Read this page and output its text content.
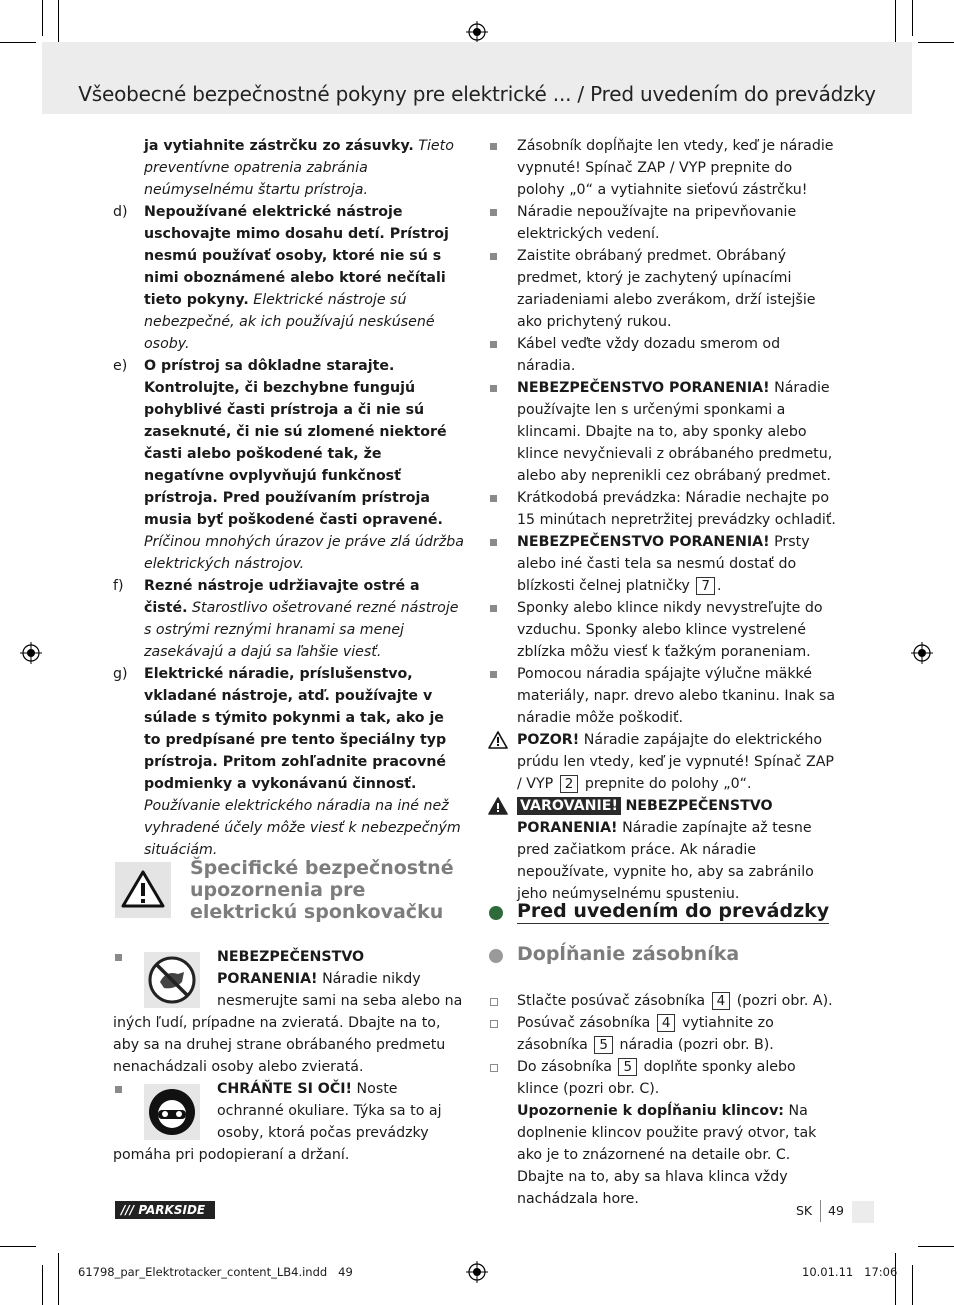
Všeobecné bezpečnostné pokyny pre elektrické ... / Pred uvedením do prevádzky

ja vytiahnite zástrčku zo zásuvky. Tieto preventívne opatrenia zabránia neúmyselnému štartu prístroja.

d) Nepoužívané elektrické nástroje uschovajte mimo dosahu detí. Prístroj nesmú používať osoby, ktoré nie sú s nimi oboznámené alebo ktoré nečítali tieto pokyny. Elektrické nástroje sú nebezpečné, ak ich používajú neskúsené osoby.
e) O prístroj sa dôkladne starajte. Kontrolujte, či bezchybne fungujú pohyblivé časti prístroja a či nie sú zaseknuté, či nie sú zlomené niektoré časti alebo poškodené tak, že negatívne ovplyvňujú funkčnosť prístroja. Pred používaním prístroja musia byť poškodené časti opravené. Príčinou mnohých úrazov je práve zlá údržba elektrických nástrojov.
f) Rezné nástroje udržiavajte ostré a čisté. Starostlivo ošetrované rezné nástroje s ostrými reznými hranami sa menej zasekávajú a dajú sa ľahšie viesť.
g) Elektrické náradie, príslušenstvo, vkladané nástroje, atď. používajte v súlade s týmito pokynmi a tak, ako je to predpísané pre tento špeciálny typ prístroja. Pritom zohľadnite pracovné podmienky a vykonávanú činnosť. Používanie elektrického náradia na iné než vyhradené účely môže viesť k nebezpečným situáciám.
Špecifické bezpečnostné upozornenia pre elektrickú sponkovačku

NEBEZPEČENSTVO PORANENIA! Náradie nikdy nesmerujte sami na seba alebo na iných ľudí, prípadne na zvieratá. Dbajte na to, aby sa na druhej strane obrábaného predmetu nenachádzali osoby alebo zvieratá.

CHRÁŇTE SI OČI! Noste ochranné okuliare. Týka sa to aj osoby, ktorá počas prevádzky pomáha pri podopieraní a držaní.

Zásobník dopĺňajte len vtedy, keď je náradie vypnuté! Spínač ZAP / VYP prepnite do polohy „0“ a vytiahnite sieťovú zástrčku!
Náradie nepoužívajte na pripevňovanie elektrických vedení.
Zaistite obrábaný predmet. Obrábaný predmet, ktorý je zachytený upínacími zariadeniami alebo zverákom, drží istejšie ako prichytený rukou.
Kábel veďte vždy dozadu smerom od náradia.
NEBEZPEČENSTVO PORANENIA! Náradie používajte len s určenými sponkami a klincami. Dbajte na to, aby sponky alebo klince nevyčnievali z obrábaného predmetu, alebo aby neprenikli cez obrábaný predmet.
Krátkodobá prevádzka: Náradie nechajte po 15 minútach nepretržitej prevádzky ochladiť.
NEBEZPEČENSTVO PORANENIA! Prsty alebo iné časti tela sa nesmú dostať do blízkosti čelnej platničky 7 .
Sponky alebo klince nikdy nevystreľujte do vzduchu. Sponky alebo klince vystrelené zblízka môžu viesť k ťažkým poraneniam.
Pomocou náradia spájajte výlučne mäkké materiály, napr. drevo alebo tkaninu. Inak sa náradie môže poškodiť.
POZOR! Náradie zapájajte do elektrického prúdu len vtedy, keď je vypnuté! Spínač ZAP / VYP 2 prepnite do polohy „0“.
VAROVANIE! NEBEZPEČENSTVO PORANENIA! Náradie zapínajte až tesne pred začiatkom práce. Ak náradie nepoužívate, vypnite ho, aby sa zabránilo jeho neúmyselnému spusteniu.
Pred uvedením do prevádzky
Dopĺňanie zásobníka
Stlačte posúvač zásobníka 4 (pozri obr. A).
Posúvač zásobníka 4 vytiahnite zo zásobníka 5 náradia (pozri obr. B).
Do zásobníka 5 doplňte sponky alebo klince (pozri obr. C).
Upozornenie k dopĺňaniu klincov: Na doplnenie klincov použite pravý otvor, tak ako je to znázornené na detaile obr. C. Dbajte na to, aby sa hlava klinca vždy nachádzala hore.
/// PARKSIDE	SK 49
61798_par_Elektrotacker_content_LB4.indd   49	10.01.11   17:06
